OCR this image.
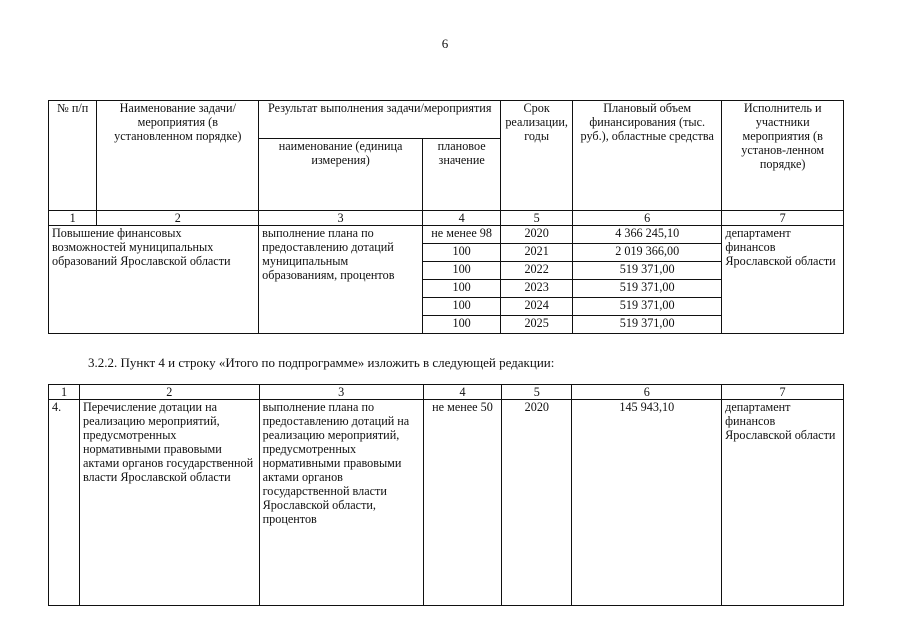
6
№ п/п	Наименование задачи/мероприятия (в установленном порядке)	Результат выполнения задачи/мероприятия		Срок реализации, годы	Плановый объем финансирования (тыс. руб.), областные средства	Исполнитель и участники мероприятия (в установ-ленном порядке)
		наименование (единица измерения)	плановое значение			
1	2	3	4	5	6	7
Повышение финансовых возможностей муниципальных образований Ярославской области		выполнение плана по предоставлению дотаций муниципальным образованиям, процентов	не менее 98	2020	4 366 245,10	департамент финансов Ярославской области
			100	2021	2 019 366,00	
			100	2022	519 371,00	
			100	2023	519 371,00	
			100	2024	519 371,00	
			100	2025	519 371,00	
3.2.2. Пункт 4 и строку «Итого по подпрограмме» изложить в следующей редакции:
1	2	3	4	5	6	7
4.	Перечисление дотации на реализацию мероприятий, предусмотренных нормативными правовыми актами органов государственной власти Ярославской области	выполнение плана по предоставлению дотаций на реализацию мероприятий, предусмотренных нормативными правовыми актами органов государственной власти Ярославской области, процентов	не менее 50	2020	145 943,10	департамент финансов Ярославской области
